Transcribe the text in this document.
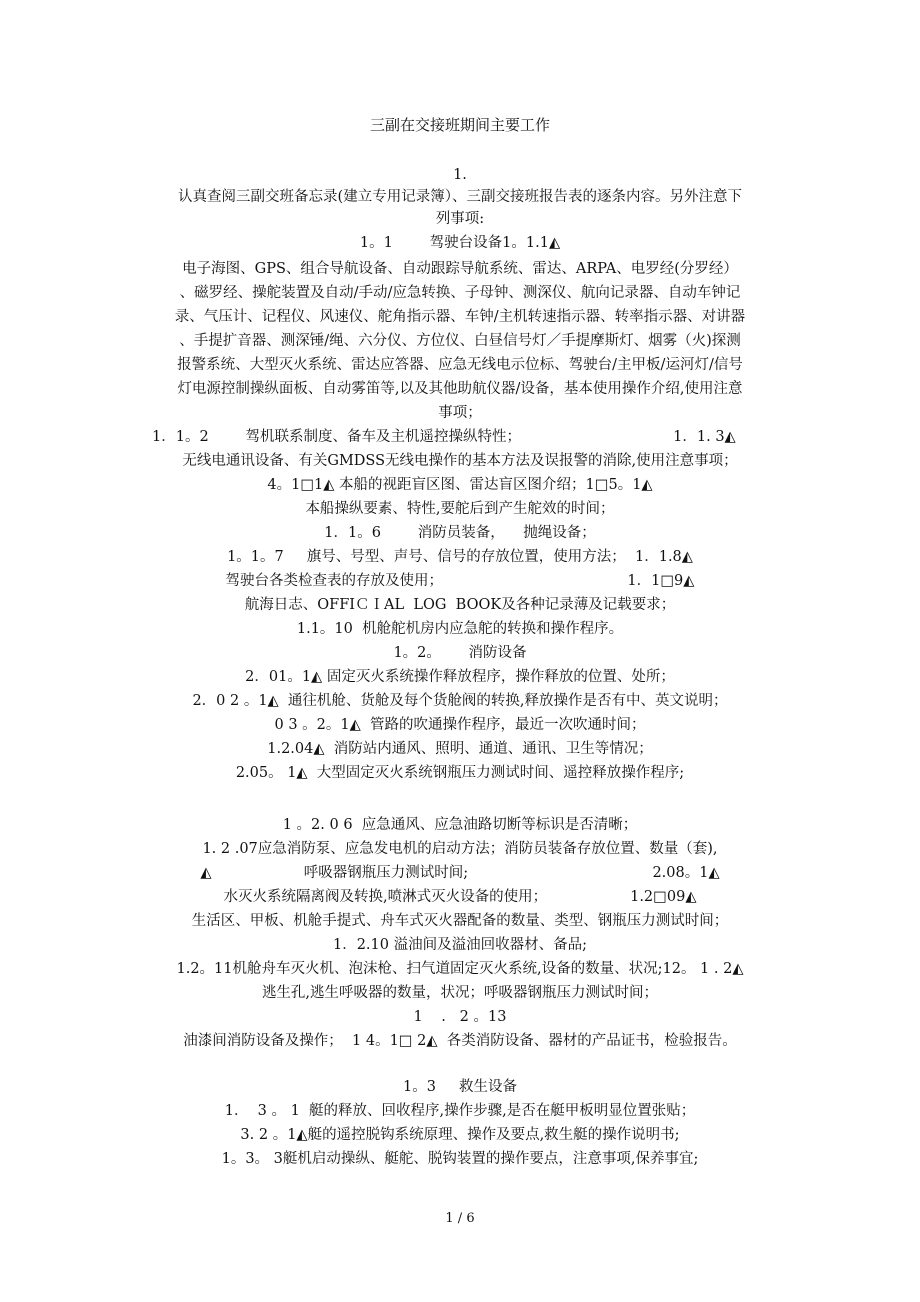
三副在交接班期间主要工作
1.
认真查阅三副交班备忘录(建立专用记录簿）、三副交接班报告表的逐条内容。另外注意下
列事项:
1。1        驾驶台设备1。1.1◭
电子海图、GPS、组合导航设备、自动跟踪导航系统、雷达、ARPA、电罗经(分罗经）
、磁罗经、操舵装置及自动/手动/应急转换、子母钟、测深仪、航向记录器、自动车钟记
录、气压计、记程仪、风速仪、舵角指示器、车钟/主机转速指示器、转率指示器、对讲器
、手提扩音器、测深锤/绳、六分仪、方位仪、白昼信号灯／手提摩斯灯、烟雾（火)探测
报警系统、大型灭火系统、雷达应答器、应急无线电示位标、驾驶台/主甲板/运河灯/信号
灯电源控制操纵面板、自动雾笛等,以及其他助航仪器/设备，基本使用操作介绍,使用注意
事项；
1．1。2        驾机联系制度、备车及主机遥控操纵特性；                                 1．1. 3◭
无线电通讯设备、有关GMDSS无线电操作的基本方法及误报警的消除,使用注意事项；
4。1□1◭ 本船的视距盲区图、雷达盲区图介绍；1□5。1◭
本船操纵要素、特性,要舵后到产生舵效的时间；
1．1。6        消防员装备，    抛绳设备；
1。1。7     旗号、号型、声号、信号的存放位置，使用方法；  1．1.8◭
驾驶台各类检查表的存放及使用；                                        1．1□9◭
航海日志、OFFIＣＩAL  LOG  BOOK及各种记录薄及记载要求；
1.1。10  机舱舵机房内应急舵的转换和操作程序。
1。2。      消防设备
2．01。1◭ 固定灭火系统操作释放程序，操作释放的位置、处所；
2．0 2 。1◭  通往机舱、货舱及每个货舱阀的转换,释放操作是否有中、英文说明；
0 3 。2。1◭  管路的吹通操作程序，最近一次吹通时间；
1.2.04◭  消防站内通风、照明、通道、通讯、卫生等情况；
2.05。 1◭  大型固定灭火系统钢瓶压力测试时间、遥控释放操作程序;
1 。2. 0 6  应急通风、应急油路切断等标识是否清晰；
1. 2 .07应急消防泵、应急发电机的启动方法；消防员装备存放位置、数量（套),
◭                    呼吸器钢瓶压力测试时间;                                        2.08。1◭
水灭火系统隔离阀及转换,喷淋式灭火设备的使用；                  1.2□09◭
生活区、甲板、机舱手提式、舟车式灭火器配备的数量、类型、钢瓶压力测试时间；
1．2.10 溢油间及溢油回收器材、备品;
1.2。11机舱舟车灭火机、泡沫枪、扫气道固定灭火系统,设备的数量、状况;12。 1 . 2◭
逃生孔,逃生呼吸器的数量，状况；呼吸器钢瓶压力测试时间；
1    .   2 。13
油漆间消防设备及操作；  1 4。1□ 2◭  各类消防设备、器材的产品证书，检验报告。
1。3     救生设备
1．  3 。 1  艇的释放、回收程序,操作步骤,是否在艇甲板明显位置张贴；
3. 2 。1◭艇的遥控脱钩系统原理、操作及要点,救生艇的操作说明书;
1。3。 3艇机启动操纵、艇舵、脱钩装置的操作要点，注意事项,保养事宜;
1 / 6
